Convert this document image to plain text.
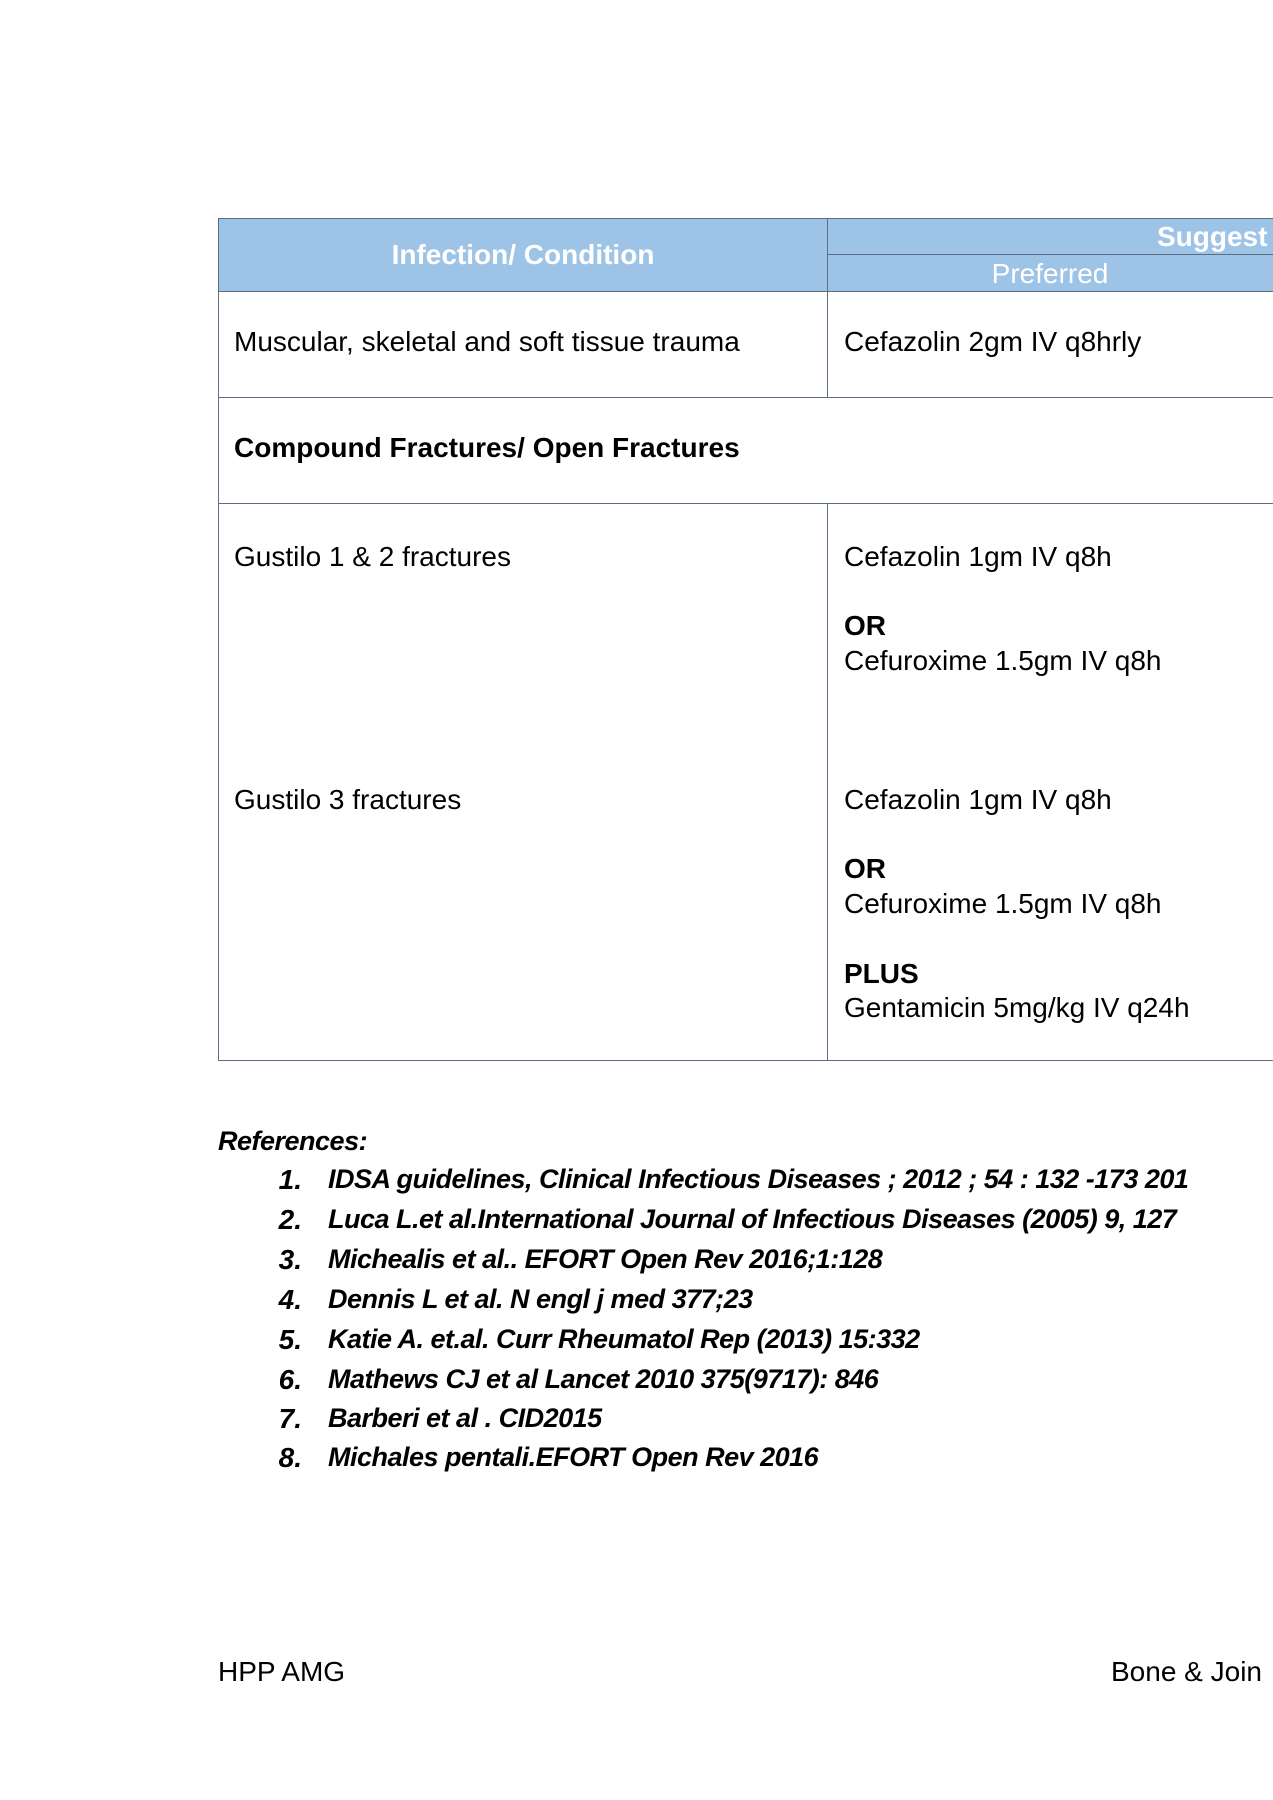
Infection/ Condition
Suggest
Preferred
Muscular, skeletal and soft tissue trauma	Cefazolin 2gm IV q8hrly
Compound Fractures/ Open Fractures
Gustilo 1 & 2 fractures	Cefazolin 1gm IV q8h
OR
Cefuroxime 1.5gm IV q8h
Gustilo 3 fractures	Cefazolin 1gm IV q8h
OR
Cefuroxime 1.5gm IV q8h
PLUS
Gentamicin 5mg/kg IV q24h
References:
1. IDSA guidelines, Clinical Infectious Diseases ; 2012 ; 54 : 132 -173 201
2. Luca L.et al.International Journal of Infectious Diseases (2005) 9, 127
3. Michealis et al.. EFORT Open Rev 2016;1:128
4. Dennis L et al. N engl j med 377;23
5. Katie A. et.al. Curr Rheumatol Rep (2013) 15:332
6. Mathews CJ et al Lancet 2010 375(9717): 846
7. Barberi et al . CID2015
8. Michales pentali.EFORT Open Rev 2016
HPP AMG	Bone & Join
